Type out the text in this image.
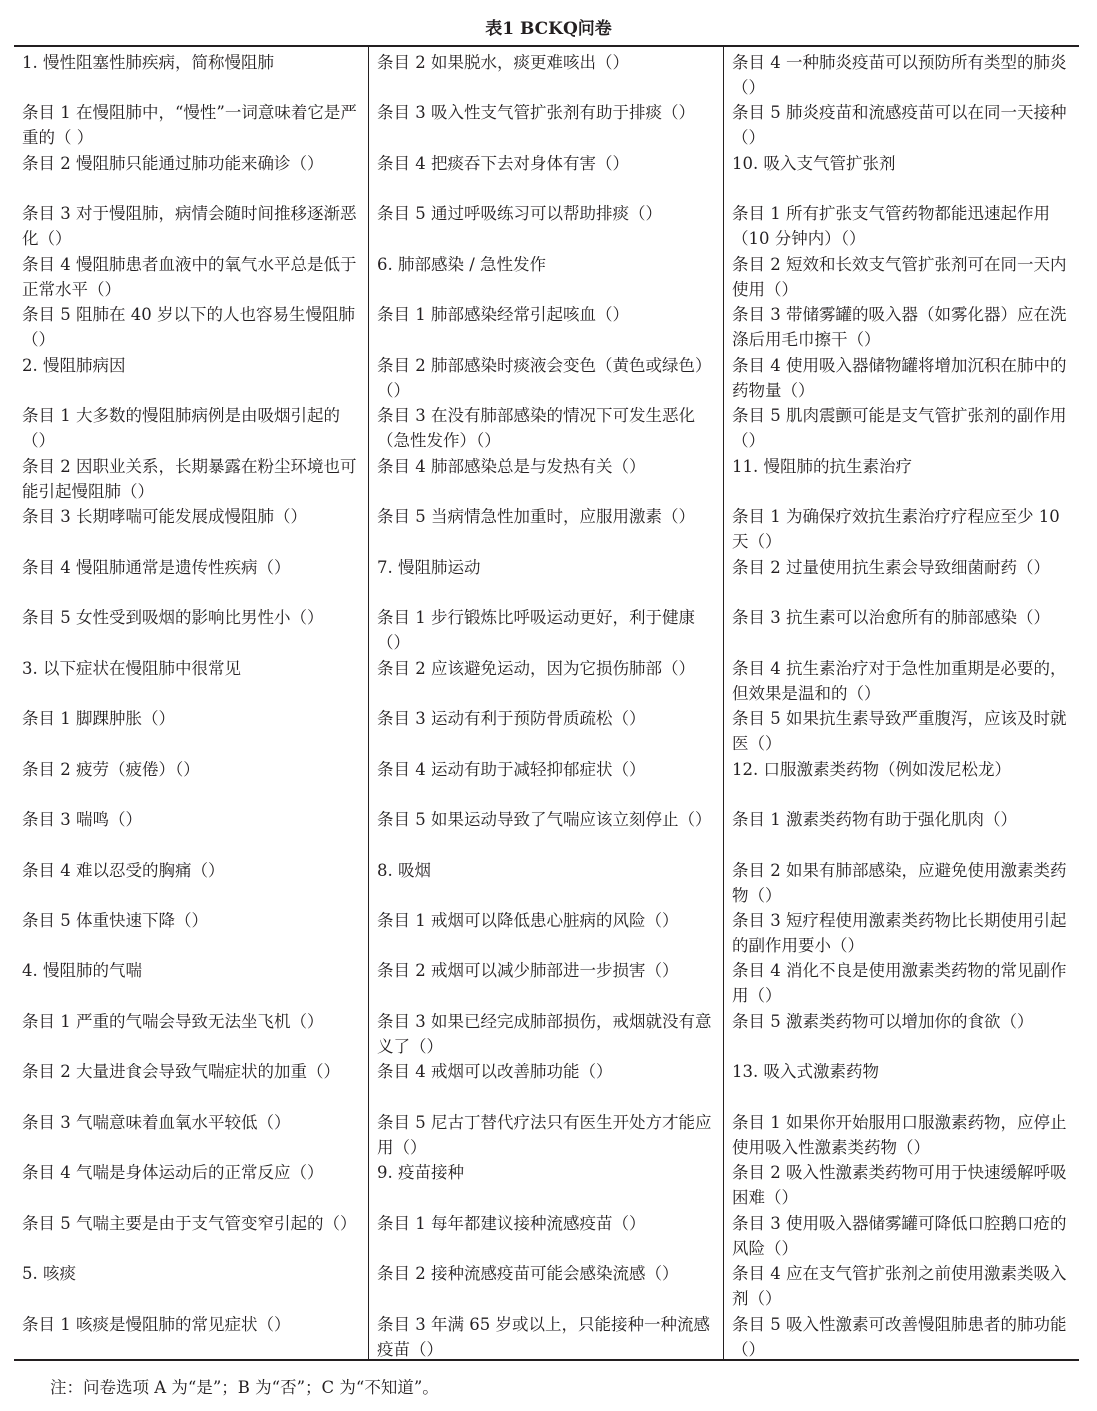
表1 BCKQ问卷
1. 慢性阻塞性肺疾病，简称慢阻肺
条目 1 在慢阻肺中，“慢性”一词意味着它是严重的（ ）
条目 2 慢阻肺只能通过肺功能来确诊（）
条目 3 对于慢阻肺，病情会随时间推移逐渐恶化（）
条目 4 慢阻肺患者血液中的氧气水平总是低于正常水平（）
条目 5 阻肺在 40 岁以下的人也容易生慢阻肺（）
2. 慢阻肺病因
条目 1 大多数的慢阻肺病例是由吸烟引起的（）
条目 2 因职业关系，长期暴露在粉尘环境也可能引起慢阻肺（）
条目 3 长期哮喘可能发展成慢阻肺（）
条目 4 慢阻肺通常是遗传性疾病（）
条目 5 女性受到吸烟的影响比男性小（）
3. 以下症状在慢阻肺中很常见
条目 1 脚踝肿胀（）
条目 2 疲劳（疲倦）（）
条目 3 喘鸣（）
条目 4 难以忍受的胸痛（）
条目 5 体重快速下降（）
4. 慢阻肺的气喘
条目 1 严重的气喘会导致无法坐飞机（）
条目 2 大量进食会导致气喘症状的加重（）
条目 3 气喘意味着血氧水平较低（）
条目 4 气喘是身体运动后的正常反应（）
条目 5 气喘主要是由于支气管变窄引起的（）
5. 咳痰
条目 1 咳痰是慢阻肺的常见症状（）
条目 2 如果脱水，痰更难咳出（）
条目 3 吸入性支气管扩张剂有助于排痰（）
条目 4 把痰吞下去对身体有害（）
条目 5 通过呼吸练习可以帮助排痰（）
6. 肺部感染 / 急性发作
条目 1 肺部感染经常引起咳血（）
条目 2 肺部感染时痰液会变色（黄色或绿色）（）
条目 3 在没有肺部感染的情况下可发生恶化（急性发作）（）
条目 4 肺部感染总是与发热有关（）
条目 5 当病情急性加重时，应服用激素（）
7. 慢阻肺运动
条目 1 步行锻炼比呼吸运动更好，利于健康（）
条目 2 应该避免运动，因为它损伤肺部（）
条目 3 运动有利于预防骨质疏松（）
条目 4 运动有助于减轻抑郁症状（）
条目 5 如果运动导致了气喘应该立刻停止（）
8. 吸烟
条目 1 戒烟可以降低患心脏病的风险（）
条目 2 戒烟可以减少肺部进一步损害（）
条目 3 如果已经完成肺部损伤，戒烟就没有意义了（）
条目 4 戒烟可以改善肺功能（）
条目 5 尼古丁替代疗法只有医生开处方才能应用（）
9. 疫苗接种
条目 1 每年都建议接种流感疫苗（）
条目 2 接种流感疫苗可能会感染流感（）
条目 3 年满 65 岁或以上，只能接种一种流感疫苗（）
条目 4 一种肺炎疫苗可以预防所有类型的肺炎（）
条目 5 肺炎疫苗和流感疫苗可以在同一天接种（）
10. 吸入支气管扩张剂
条目 1 所有扩张支气管药物都能迅速起作用（10 分钟内）（）
条目 2 短效和长效支气管扩张剂可在同一天内使用（）
条目 3 带储雾罐的吸入器（如雾化器）应在洗涤后用毛巾擦干（）
条目 4 使用吸入器储物罐将增加沉积在肺中的药物量（）
条目 5 肌肉震颤可能是支气管扩张剂的副作用（）
11. 慢阻肺的抗生素治疗
条目 1 为确保疗效抗生素治疗疗程应至少 10 天（）
条目 2 过量使用抗生素会导致细菌耐药（）
条目 3 抗生素可以治愈所有的肺部感染（）
条目 4 抗生素治疗对于急性加重期是必要的，但效果是温和的（）
条目 5 如果抗生素导致严重腹泻，应该及时就医（）
12. 口服激素类药物（例如泼尼松龙）
条目 1 激素类药物有助于强化肌肉（）
条目 2 如果有肺部感染，应避免使用激素类药物（）
条目 3 短疗程使用激素类药物比长期使用引起的副作用要小（）
条目 4 消化不良是使用激素类药物的常见副作用（）
条目 5 激素类药物可以增加你的食欲（）
13. 吸入式激素药物
条目 1 如果你开始服用口服激素药物，应停止使用吸入性激素类药物（）
条目 2 吸入性激素类药物可用于快速缓解呼吸困难（）
条目 3 使用吸入器储雾罐可降低口腔鹅口疮的风险（）
条目 4 应在支气管扩张剂之前使用激素类吸入剂（）
条目 5 吸入性激素可改善慢阻肺患者的肺功能（）
注：问卷选项 A 为“是”；B 为“否”；C 为“不知道”。
